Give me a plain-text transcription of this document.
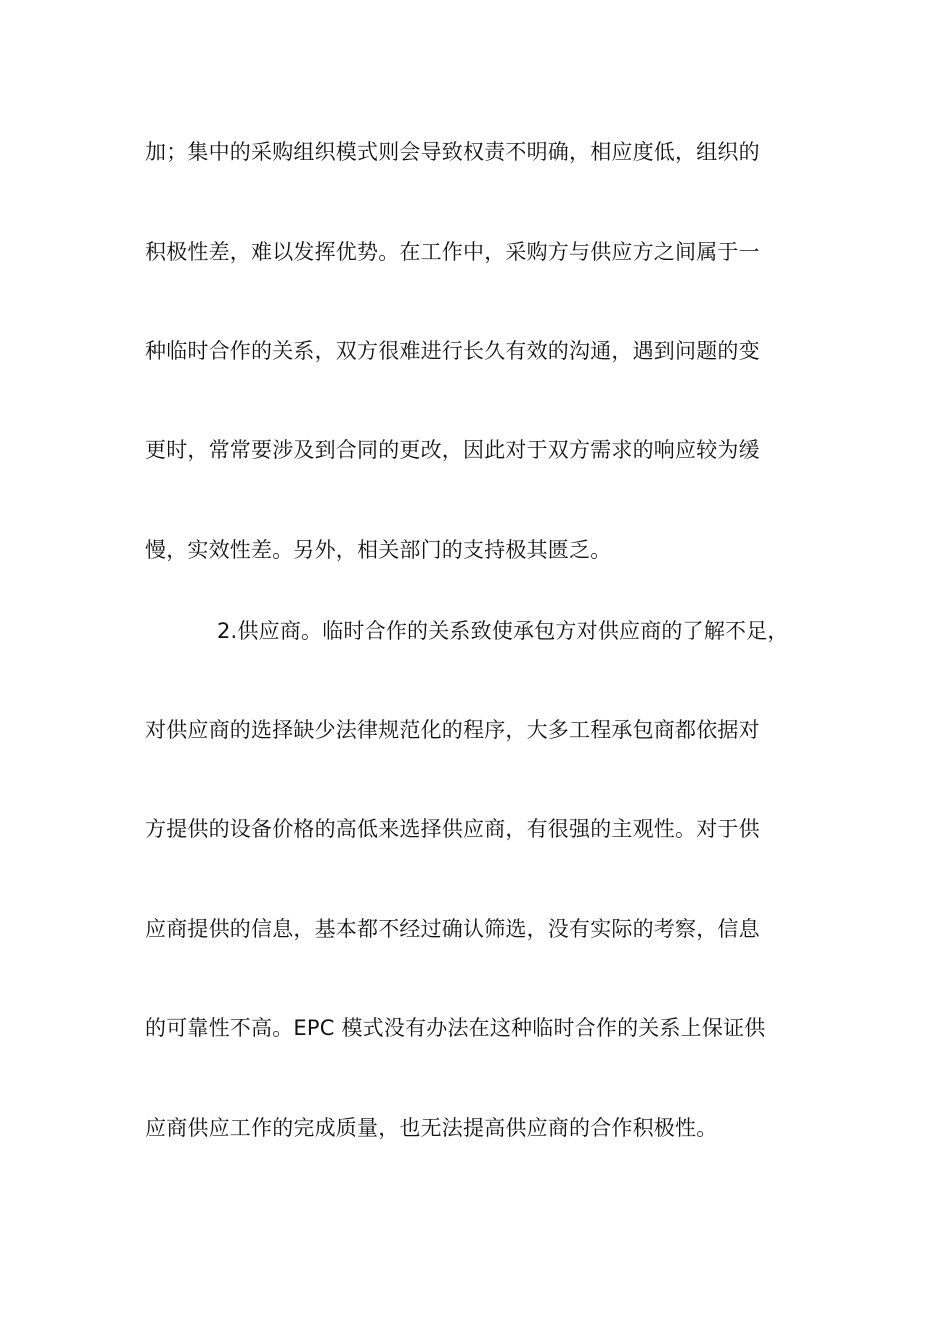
加；集中的采购组织模式则会导致权责不明确，相应度低，组织的
积极性差，难以发挥优势。在工作中，采购方与供应方之间属于一
种临时合作的关系，双方很难进行长久有效的沟通，遇到问题的变
更时，常常要涉及到合同的更改，因此对于双方需求的响应较为缓
慢，实效性差。另外，相关部门的支持极其匮乏。
2.供应商。临时合作的关系致使承包方对供应商的了解不足，
对供应商的选择缺少法律规范化的程序，大多工程承包商都依据对
方提供的设备价格的高低来选择供应商，有很强的主观性。对于供
应商提供的信息，基本都不经过确认筛选，没有实际的考察，信息
的可靠性不高。EPC 模式没有办法在这种临时合作的关系上保证供
应商供应工作的完成质量，也无法提高供应商的合作积极性。
